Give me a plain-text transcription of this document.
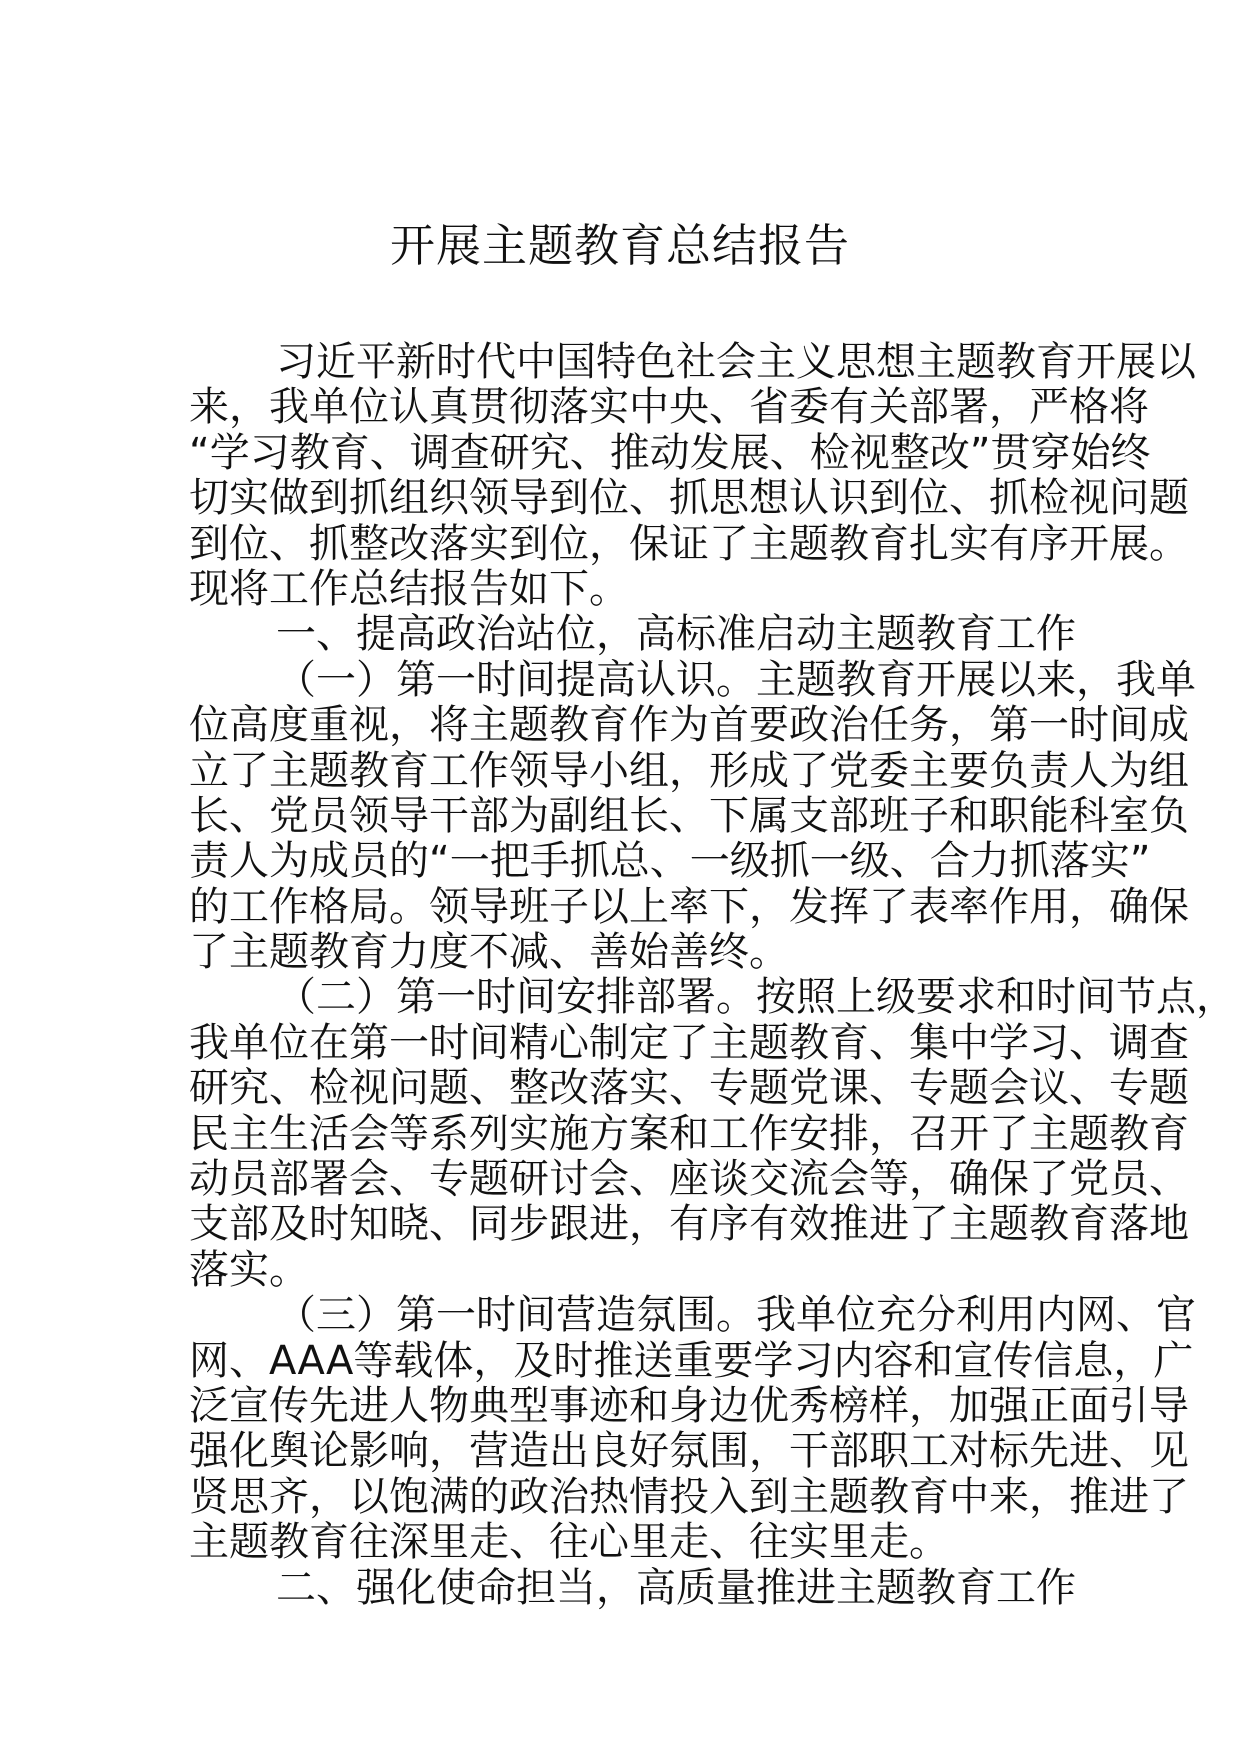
开展主题教育总结报告
习近平新时代中国特色社会主义思想主题教育开展以
来，我单位认真贯彻落实中央、省委有关部署，严格将
“学习教育、调查研究、推动发展、检视整改”贯穿始终
切实做到抓组织领导到位、抓思想认识到位、抓检视问题
到位、抓整改落实到位，保证了主题教育扎实有序开展。
现将工作总结报告如下。
一、提高政治站位，高标准启动主题教育工作
（一）第一时间提高认识。主题教育开展以来，我单
位高度重视，将主题教育作为首要政治任务，第一时间成
立了主题教育工作领导小组，形成了党委主要负责人为组
长、党员领导干部为副组长、下属支部班子和职能科室负
责人为成员的“一把手抓总、一级抓一级、合力抓落实”
的工作格局。领导班子以上率下，发挥了表率作用，确保
了主题教育力度不减、善始善终。
（二）第一时间安排部署。按照上级要求和时间节点，
我单位在第一时间精心制定了主题教育、集中学习、调查
研究、检视问题、整改落实、专题党课、专题会议、专题
民主生活会等系列实施方案和工作安排，召开了主题教育
动员部署会、专题研讨会、座谈交流会等，确保了党员、
支部及时知晓、同步跟进，有序有效推进了主题教育落地
落实。
（三）第一时间营造氛围。我单位充分利用内网、官
网、AAA等载体，及时推送重要学习内容和宣传信息，广
泛宣传先进人物典型事迹和身边优秀榜样，加强正面引导
强化舆论影响，营造出良好氛围，干部职工对标先进、见
贤思齐，以饱满的政治热情投入到主题教育中来，推进了
主题教育往深里走、往心里走、往实里走。
二、强化使命担当，高质量推进主题教育工作
